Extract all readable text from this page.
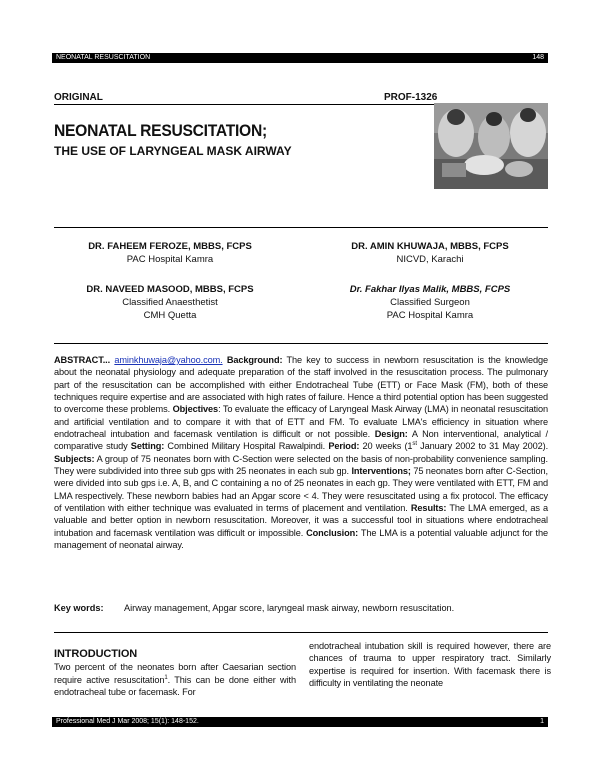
NEONATAL RESUSCITATION	148
ORIGINAL	PROF-1326
NEONATAL RESUSCITATION;
THE USE OF LARYNGEAL MASK AIRWAY
DR. FAHEEM FEROZE, MBBS, FCPS
PAC Hospital Kamra
DR. AMIN KHUWAJA, MBBS, FCPS
NICVD, Karachi
DR. NAVEED MASOOD, MBBS, FCPS
Classified Anaesthetist
CMH Quetta
Dr. Fakhar Ilyas Malik, MBBS, FCPS
Classified Surgeon
PAC Hospital Kamra
ABSTRACT... aminkhuwaja@yahoo.com. Background: The key to success in newborn resuscitation is the knowledge about the neonatal physiology and adequate preparation of the staff involved in the resuscitation process. The pulmonary part of the resuscitation can be accomplished with either Endotracheal Tube (ETT) or Face Mask (FM), both of these techniques require expertise and are associated with high rates of failure. Hence a third potential option has been suggested to overcome these problems. Objectives: To evaluate the efficacy of Laryngeal Mask Airway (LMA) in neonatal resuscitation and artificial ventilation and to compare it with that of ETT and FM. To evaluate LMA's efficiency in situation where endotracheal intubation and facemask ventilation is difficult or not possible. Design: A Non interventional, analytical / comparative study Setting: Combined Military Hospital Rawalpindi. Period: 20 weeks (1st January 2002 to 31 May 2002). Subjects: A group of 75 neonates born with C-Section were selected on the basis of non-probability convenience sampling. They were subdivided into three sub gps with 25 neonates in each sub gp. Interventions; 75 neonates born after C-Section, were divided into sub gps i.e. A, B, and C containing a no of 25 neonates in each gp. They were ventilated with ETT, FM and LMA respectively. These newborn babies had an Apgar score < 4. They were resuscitated using a fix protocol. The efficacy of ventilation with either technique was evaluated in terms of placement and ventilation. Results: The LMA emerged, as a valuable and better option in newborn resuscitation. Moreover, it was a successful tool in situations where endotracheal intubation and facemask ventilation was difficult or impossible. Conclusion: The LMA is a potential valuable adjunct for the management of neonatal airway.
Key words: Airway management, Apgar score, laryngeal mask airway, newborn resuscitation.
INTRODUCTION
Two percent of the neonates born after Caesarian section require active resuscitation$^1$. This can be done either with endotracheal tube or facemask. For
endotracheal intubation skill is required however, there are chances of trauma to upper respiratory tract. Similarly expertise is required for insertion. With facemask there is difficulty in ventilating the neonate
Professional Med J Mar 2008; 15(1): 148-152.	1
